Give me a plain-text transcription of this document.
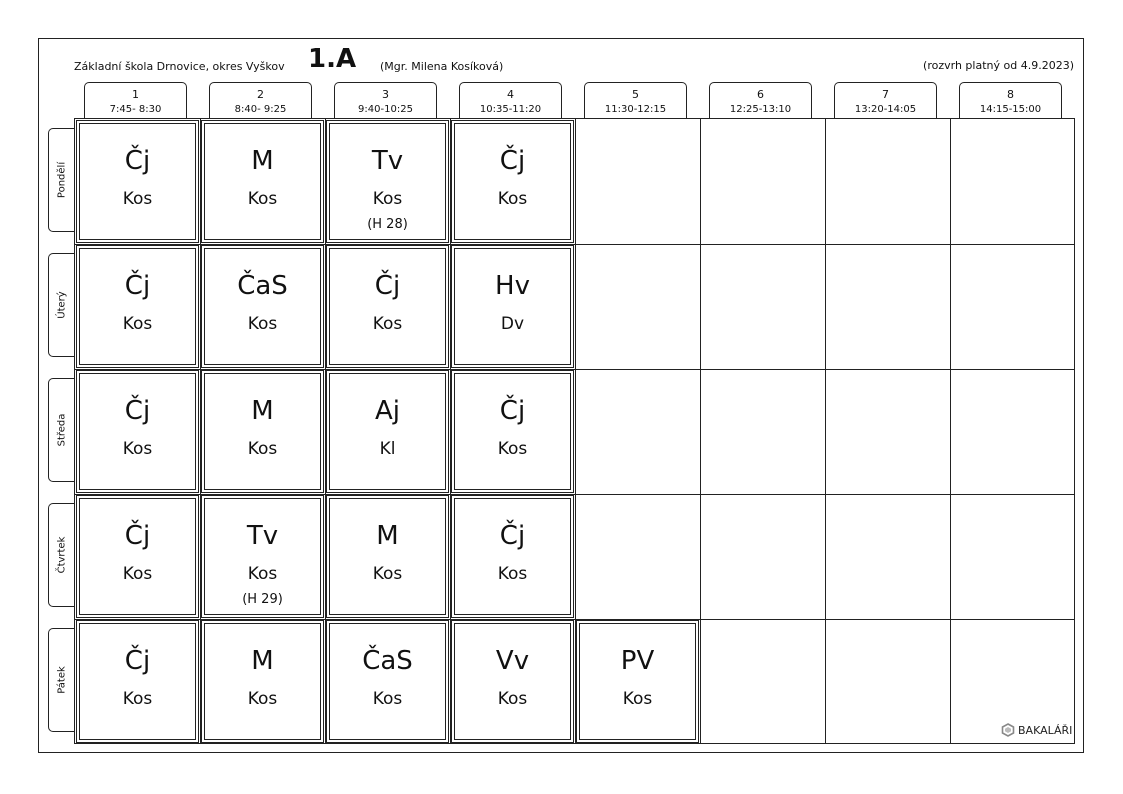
Základní škola Drnovice, okres Vyškov 1.A (Mgr. Milena Kosíková)	(rozvrh platný od 4.9.2023)
1
7:45- 8:30
2
8:40- 9:25
3
9:40-10:25
4
10:35-11:20
5
11:30-12:15
6
12:25-13:10
7
13:20-14:05
8
14:15-15:00
Pondělí
Úterý
Středa
Čtvrtek
Pátek
Čj
Kos
M
Kos
Tv
Kos
(H 28)
Čj
Kos
Čj
Kos
ČaS
Kos
Čj
Kos
Hv
Dv
Čj
Kos
M
Kos
Aj
Kl
Čj
Kos
Čj
Kos
Tv
Kos
(H 29)
M
Kos
Čj
Kos
Čj
Kos
M
Kos
ČaS
Kos
Vv
Kos
PV
Kos
BAKALÁŘI
